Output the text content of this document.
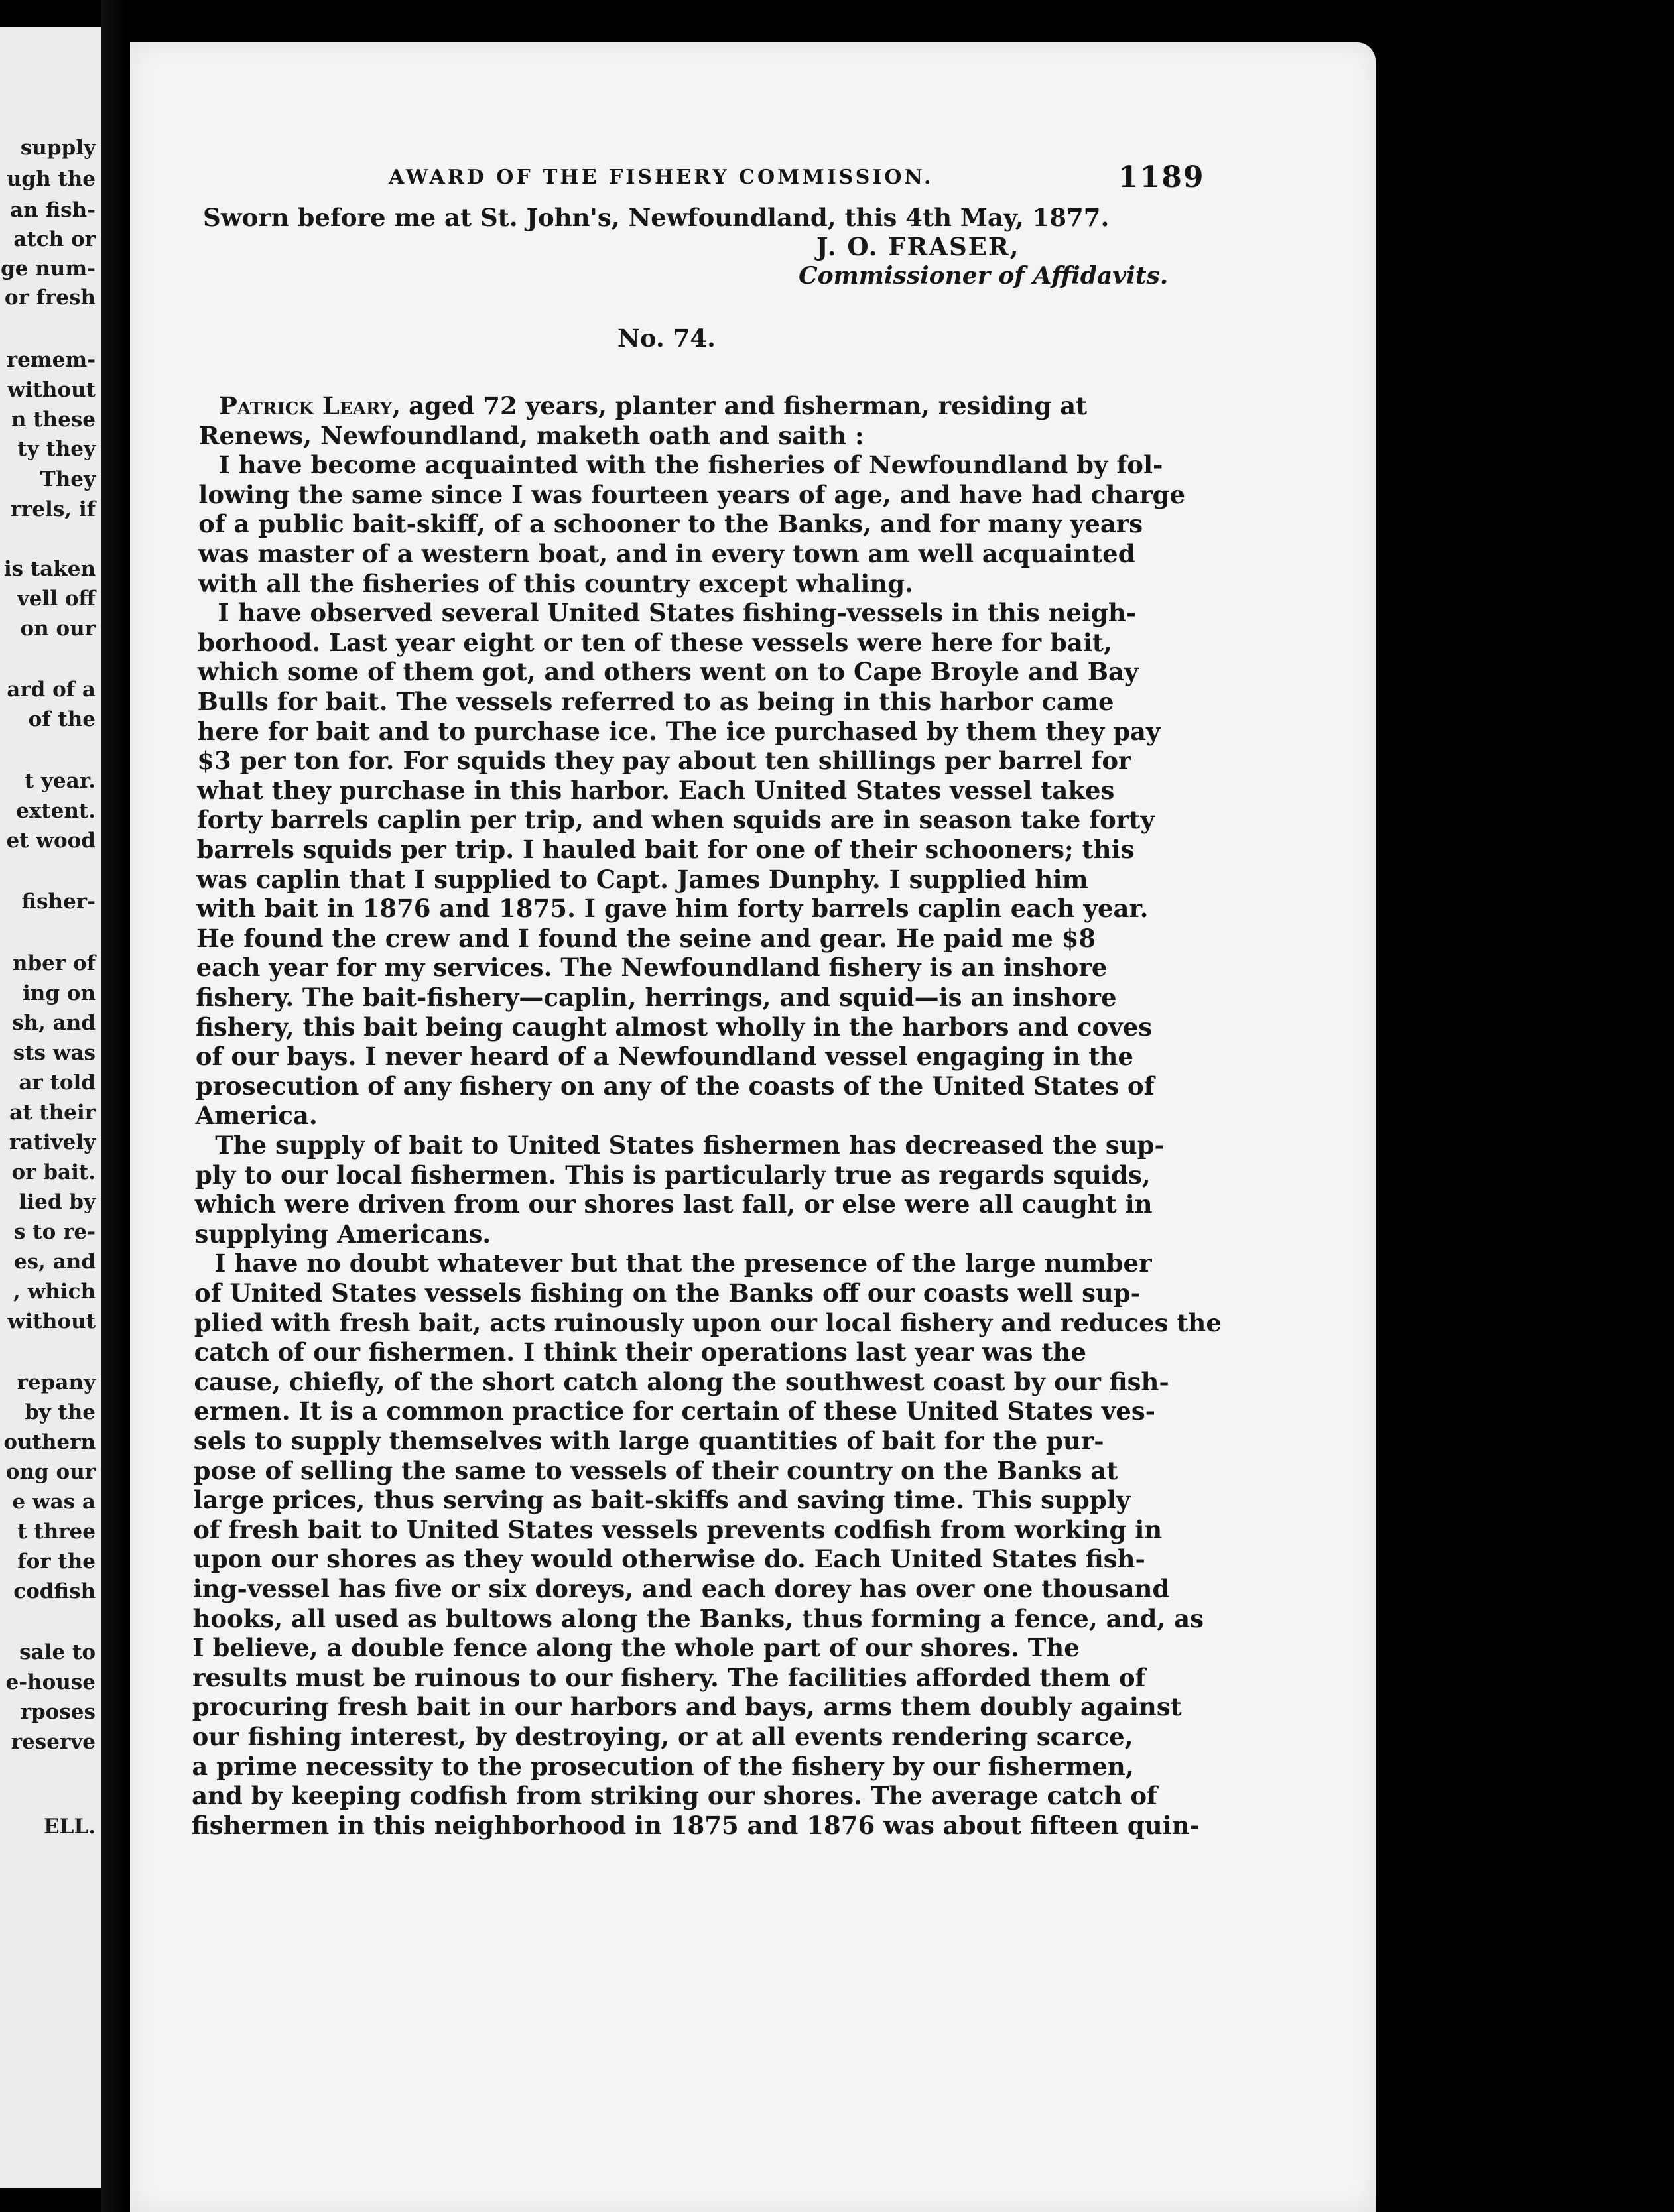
supply
ugh the
an fish-
atch or
ge num-
or fresh
remem-
without
n these
ty they
They
rrels, if
is taken
vell off
on our
ard of a
of the
t year.
extent.
et wood
fisher-
nber of
ing on
sh, and
sts was
ar told
at their
ratively
or bait.
lied by
s to re-
es, and
, which
without
repany
by the
outhern
ong our
e was a
t three
for the
codfish
sale to
e-house
rposes
reserve
ELL.
AWARD OF THE FISHERY COMMISSION.	1189
Sworn before me at St. John's, Newfoundland, this 4th May, 1877.
J. O. FRASER,
Commissioner of Affidavits.
No. 74.
Patrick Leary, aged 72 years, planter and fisherman, residing at
Renews, Newfoundland, maketh oath and saith :
I have become acquainted with the fisheries of Newfoundland by fol-
lowing the same since I was fourteen years of age, and have had charge
of a public bait-skiff, of a schooner to the Banks, and for many years
was master of a western boat, and in every town am well acquainted
with all the fisheries of this country except whaling.
I have observed several United States fishing-vessels in this neigh-
borhood. Last year eight or ten of these vessels were here for bait,
which some of them got, and others went on to Cape Broyle and Bay
Bulls for bait. The vessels referred to as being in this harbor came
here for bait and to purchase ice. The ice purchased by them they pay
$3 per ton for. For squids they pay about ten shillings per barrel for
what they purchase in this harbor. Each United States vessel takes
forty barrels caplin per trip, and when squids are in season take forty
barrels squids per trip. I hauled bait for one of their schooners; this
was caplin that I supplied to Capt. James Dunphy. I supplied him
with bait in 1876 and 1875. I gave him forty barrels caplin each year.
He found the crew and I found the seine and gear. He paid me $8
each year for my services. The Newfoundland fishery is an inshore
fishery. The bait-fishery—caplin, herrings, and squid—is an inshore
fishery, this bait being caught almost wholly in the harbors and coves
of our bays. I never heard of a Newfoundland vessel engaging in the
prosecution of any fishery on any of the coasts of the United States of
America.
The supply of bait to United States fishermen has decreased the sup-
ply to our local fishermen. This is particularly true as regards squids,
which were driven from our shores last fall, or else were all caught in
supplying Americans.
I have no doubt whatever but that the presence of the large number
of United States vessels fishing on the Banks off our coasts well sup-
plied with fresh bait, acts ruinously upon our local fishery and reduces the
catch of our fishermen. I think their operations last year was the
cause, chiefly, of the short catch along the southwest coast by our fish-
ermen. It is a common practice for certain of these United States ves-
sels to supply themselves with large quantities of bait for the pur-
pose of selling the same to vessels of their country on the Banks at
large prices, thus serving as bait-skiffs and saving time. This supply
of fresh bait to United States vessels prevents codfish from working in
upon our shores as they would otherwise do. Each United States fish-
ing-vessel has five or six doreys, and each dorey has over one thousand
hooks, all used as bultows along the Banks, thus forming a fence, and, as
I believe, a double fence along the whole part of our shores. The
results must be ruinous to our fishery. The facilities afforded them of
procuring fresh bait in our harbors and bays, arms them doubly against
our fishing interest, by destroying, or at all events rendering scarce,
a prime necessity to the prosecution of the fishery by our fishermen,
and by keeping codfish from striking our shores. The average catch of
fishermen in this neighborhood in 1875 and 1876 was about fifteen quin-
